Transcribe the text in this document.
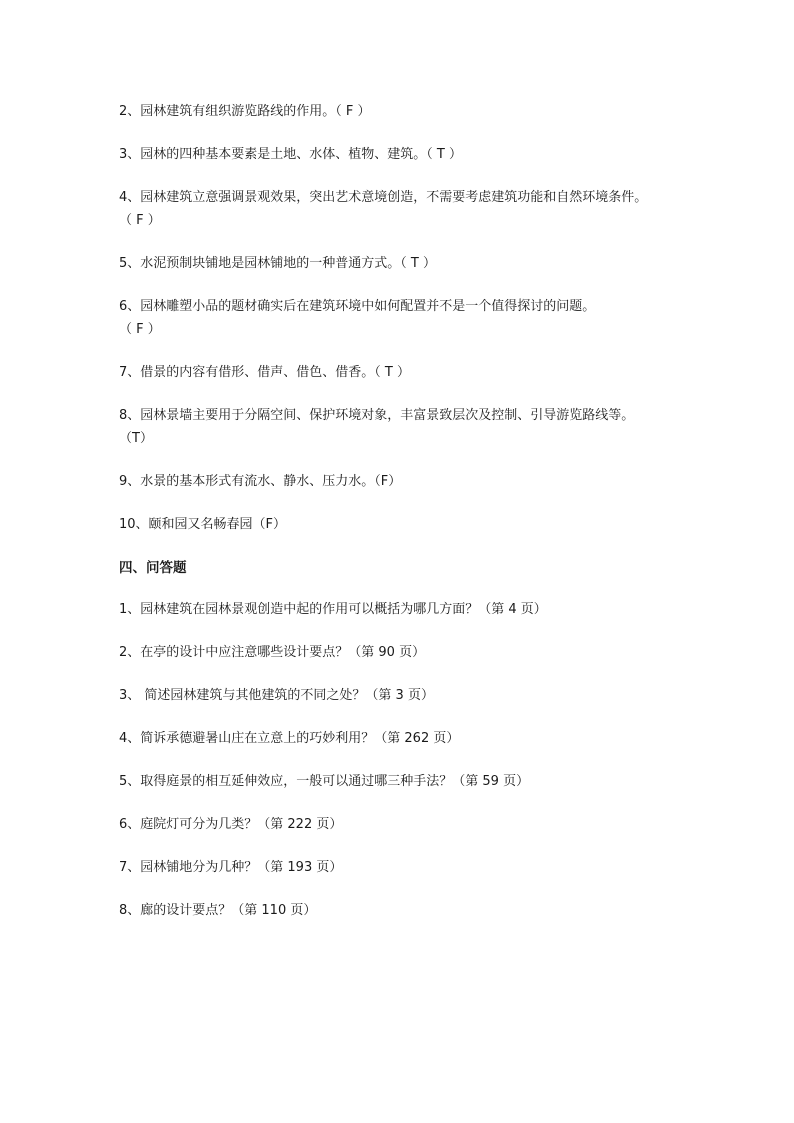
2、园林建筑有组织游览路线的作用。（ F ）
3、园林的四种基本要素是土地、水体、植物、建筑。（ T ）
4、园林建筑立意强调景观效果，突出艺术意境创造，不需要考虑建筑功能和自然环境条件。
（ F ）
5、水泥预制块铺地是园林铺地的一种普通方式。（ T ）
6、园林雕塑小品的题材确实后在建筑环境中如何配置并不是一个值得探讨的问题。
（ F ）
7、借景的内容有借形、借声、借色、借香。（ T ）
8、园林景墙主要用于分隔空间、保护环境对象，丰富景致层次及控制、引导游览路线等。
（T）
9、水景的基本形式有流水、静水、压力水。（F）
10、颐和园又名畅春园（F）
四、问答题
1、园林建筑在园林景观创造中起的作用可以概括为哪几方面？（第 4 页）
2、在亭的设计中应注意哪些设计要点？（第 90 页）
3、 简述园林建筑与其他建筑的不同之处？（第 3 页）
4、简诉承德避暑山庄在立意上的巧妙利用？（第 262 页）
5、取得庭景的相互延伸效应，一般可以通过哪三种手法？（第 59 页）
6、庭院灯可分为几类？（第 222 页）
7、园林铺地分为几种？（第 193 页）
8、廊的设计要点？（第 110 页）
